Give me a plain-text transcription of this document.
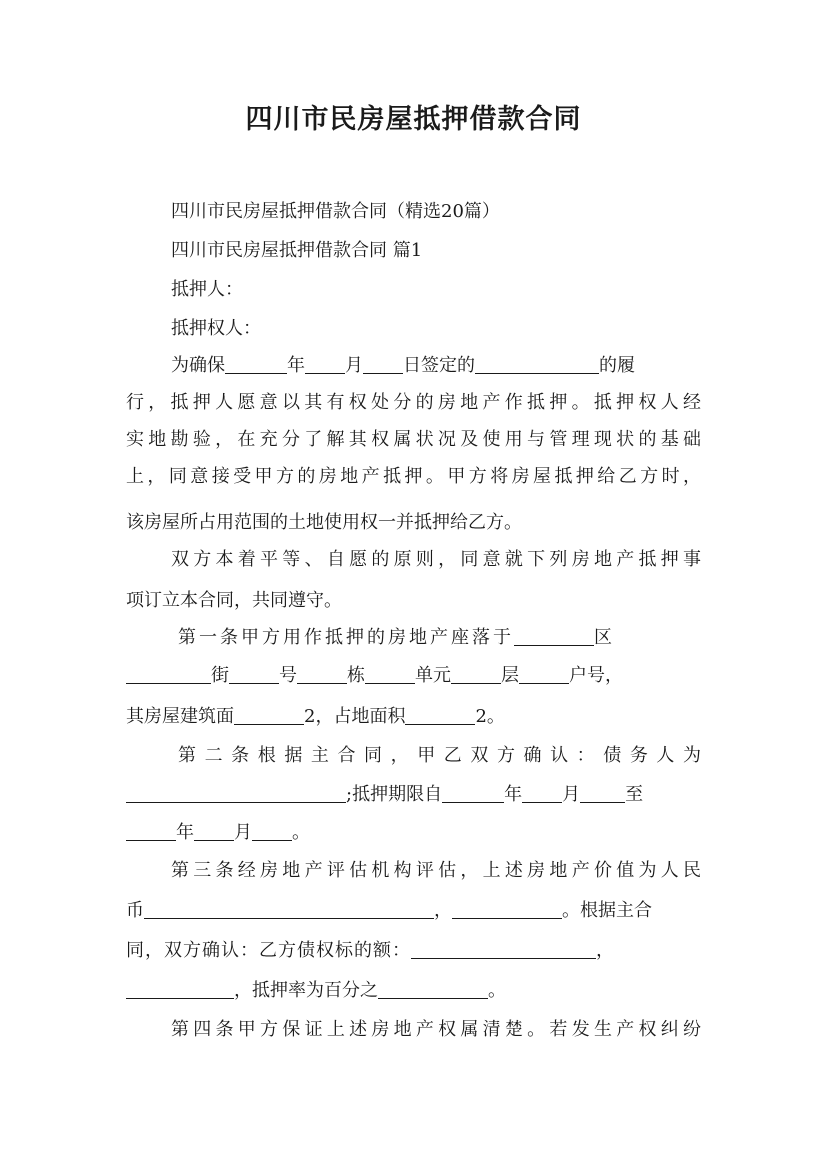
四川市民房屋抵押借款合同
四川市民房屋抵押借款合同（精选20篇）
四川市民房屋抵押借款合同 篇1
抵押人：
抵押权人：
为确保	年 月 日签定的	的履
行，抵押人愿意以其有权处分的房地产作抵押。抵押权人经
实地勘验，在充分了解其权属状况及使用与管理现状的基础
上，同意接受甲方的房地产抵押。甲方将房屋抵押给乙方时，
该房屋所占用范围的土地使用权一并抵押给乙方。
双方本着平等、自愿的原则，同意就下列房地产抵押事
项订立本合同，共同遵守。
第一条甲方用作抵押的房地产座落于	区
街	号	栋	单元	层	户号，
其房屋建筑面	2，占地面积	2。
第二条根据主合同，甲乙双方确认：债务人为
;抵押期限自	年 月	至
年 月 。
第三条经房地产评估机构评估，上述房地产价值为人民
币	，	。根据主合
同，双方确认：乙方债权标的额：	，
，抵押率为百分之	。
第四条甲方保证上述房地产权属清楚。若发生产权纠纷
